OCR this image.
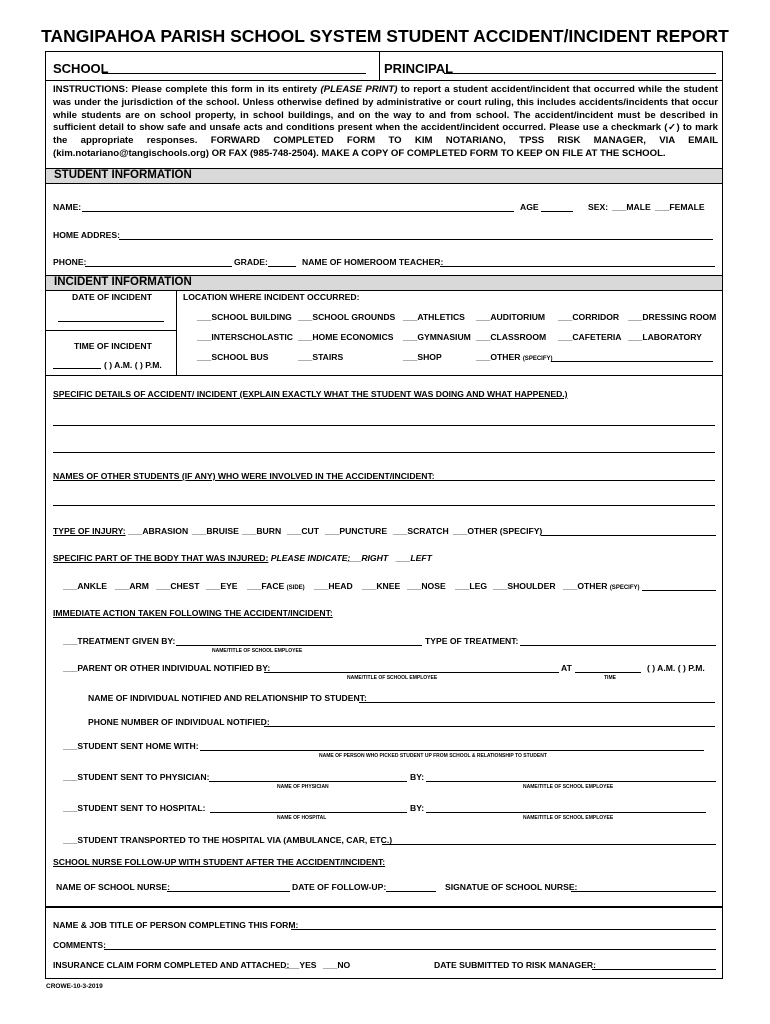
TANGIPAHOA PARISH SCHOOL SYSTEM STUDENT ACCIDENT/INCIDENT REPORT
SCHOOL	PRINCIPAL
INSTRUCTIONS: Please complete this form in its entirety (PLEASE PRINT) to report a student accident/incident that occurred while the student was under the jurisdiction of the school. Unless otherwise defined by administrative or court ruling, this includes accidents/incidents that occur while students are on school property, in school buildings, and on the way to and from school. The accident/incident must be described in sufficient detail to show safe and unsafe acts and conditions present when the accident/incident occurred. Please use a checkmark (✓) to mark the appropriate responses. FORWARD COMPLETED FORM TO KIM NOTARIANO, TPSS RISK MANAGER, VIA EMAIL (kim.notariano@tangischools.org) OR FAX (985-748-2504). MAKE A COPY OF COMPLETED FORM TO KEEP ON FILE AT THE SCHOOL.
STUDENT INFORMATION
NAME:	AGE	SEX: ___MALE ___FEMALE
HOME ADDRES:
PHONE:	GRADE:	NAME OF HOMEROOM TEACHER:
INCIDENT INFORMATION
DATE OF INCIDENT
TIME OF INCIDENT
( ) A.M. ( ) P.M.
LOCATION WHERE INCIDENT OCCURRED:
___SCHOOL BUILDING ___SCHOOL GROUNDS ___ATHLETICS ___AUDITORIUM ___CORRIDOR ___DRESSING ROOM
___INTERSCHOLASTIC ___HOME ECONOMICS ___GYMNASIUM ___CLASSROOM ___CAFETERIA ___LABORATORY
___SCHOOL BUS	___STAIRS	___SHOP	___OTHER (SPECIFY)
SPECIFIC DETAILS OF ACCIDENT/ INCIDENT (EXPLAIN EXACTLY WHAT THE STUDENT WAS DOING AND WHAT HAPPENED.)
NAMES OF OTHER STUDENTS (IF ANY) WHO WERE INVOLVED IN THE ACCIDENT/INCIDENT:
TYPE OF INJURY: ___ABRASION ___BRUISE ___BURN ___CUT ___PUNCTURE ___SCRATCH ___OTHER (SPECIFY)
SPECIFIC PART OF THE BODY THAT WAS INJURED: PLEASE INDICATE:
___RIGHT ___LEFT
___ANKLE ___ARM ___CHEST ___EYE ___FACE (SIDE) ___HEAD ___KNEE ___NOSE ___LEG ___SHOULDER ___OTHER (SPECIFY)
IMMEDIATE ACTION TAKEN FOLLOWING THE ACCIDENT/INCIDENT:
___TREATMENT GIVEN BY:
NAME/TITLE OF SCHOOL EMPLOYEE
TYPE OF TREATMENT:
___PARENT OR OTHER INDIVIDUAL NOTIFIED BY:
NAME/TITLE OF SCHOOL EMPLOYEE
AT
TIME
( ) A.M. ( ) P.M.
NAME OF INDIVIDUAL NOTIFIED AND RELATIONSHIP TO STUDENT:
PHONE NUMBER OF INDIVIDUAL NOTIFIED:
___STUDENT SENT HOME WITH:
NAME OF PERSON WHO PICKED STUDENT UP FROM SCHOOL & RELATIONSHIP TO STUDENT
___STUDENT SENT TO PHYSICIAN:
NAME OF PHYSICIAN
BY:
NAME/TITLE OF SCHOOL EMPLOYEE
___STUDENT SENT TO HOSPITAL:
NAME OF HOSPITAL
BY:
NAME/TITLE OF SCHOOL EMPLOYEE
___STUDENT TRANSPORTED TO THE HOSPITAL VIA (AMBULANCE, CAR, ETC.)
SCHOOL NURSE FOLLOW-UP WITH STUDENT AFTER THE ACCIDENT/INCIDENT:
NAME OF SCHOOL NURSE:	DATE OF FOLLOW-UP:	SIGNATUE OF SCHOOL NURSE:
NAME & JOB TITLE OF PERSON COMPLETING THIS FORM:
COMMENTS:
INSURANCE CLAIM FORM COMPLETED AND ATTACHED:
___YES ___NO	DATE SUBMITTED TO RISK MANAGER:
CROWE-10-3-2019
